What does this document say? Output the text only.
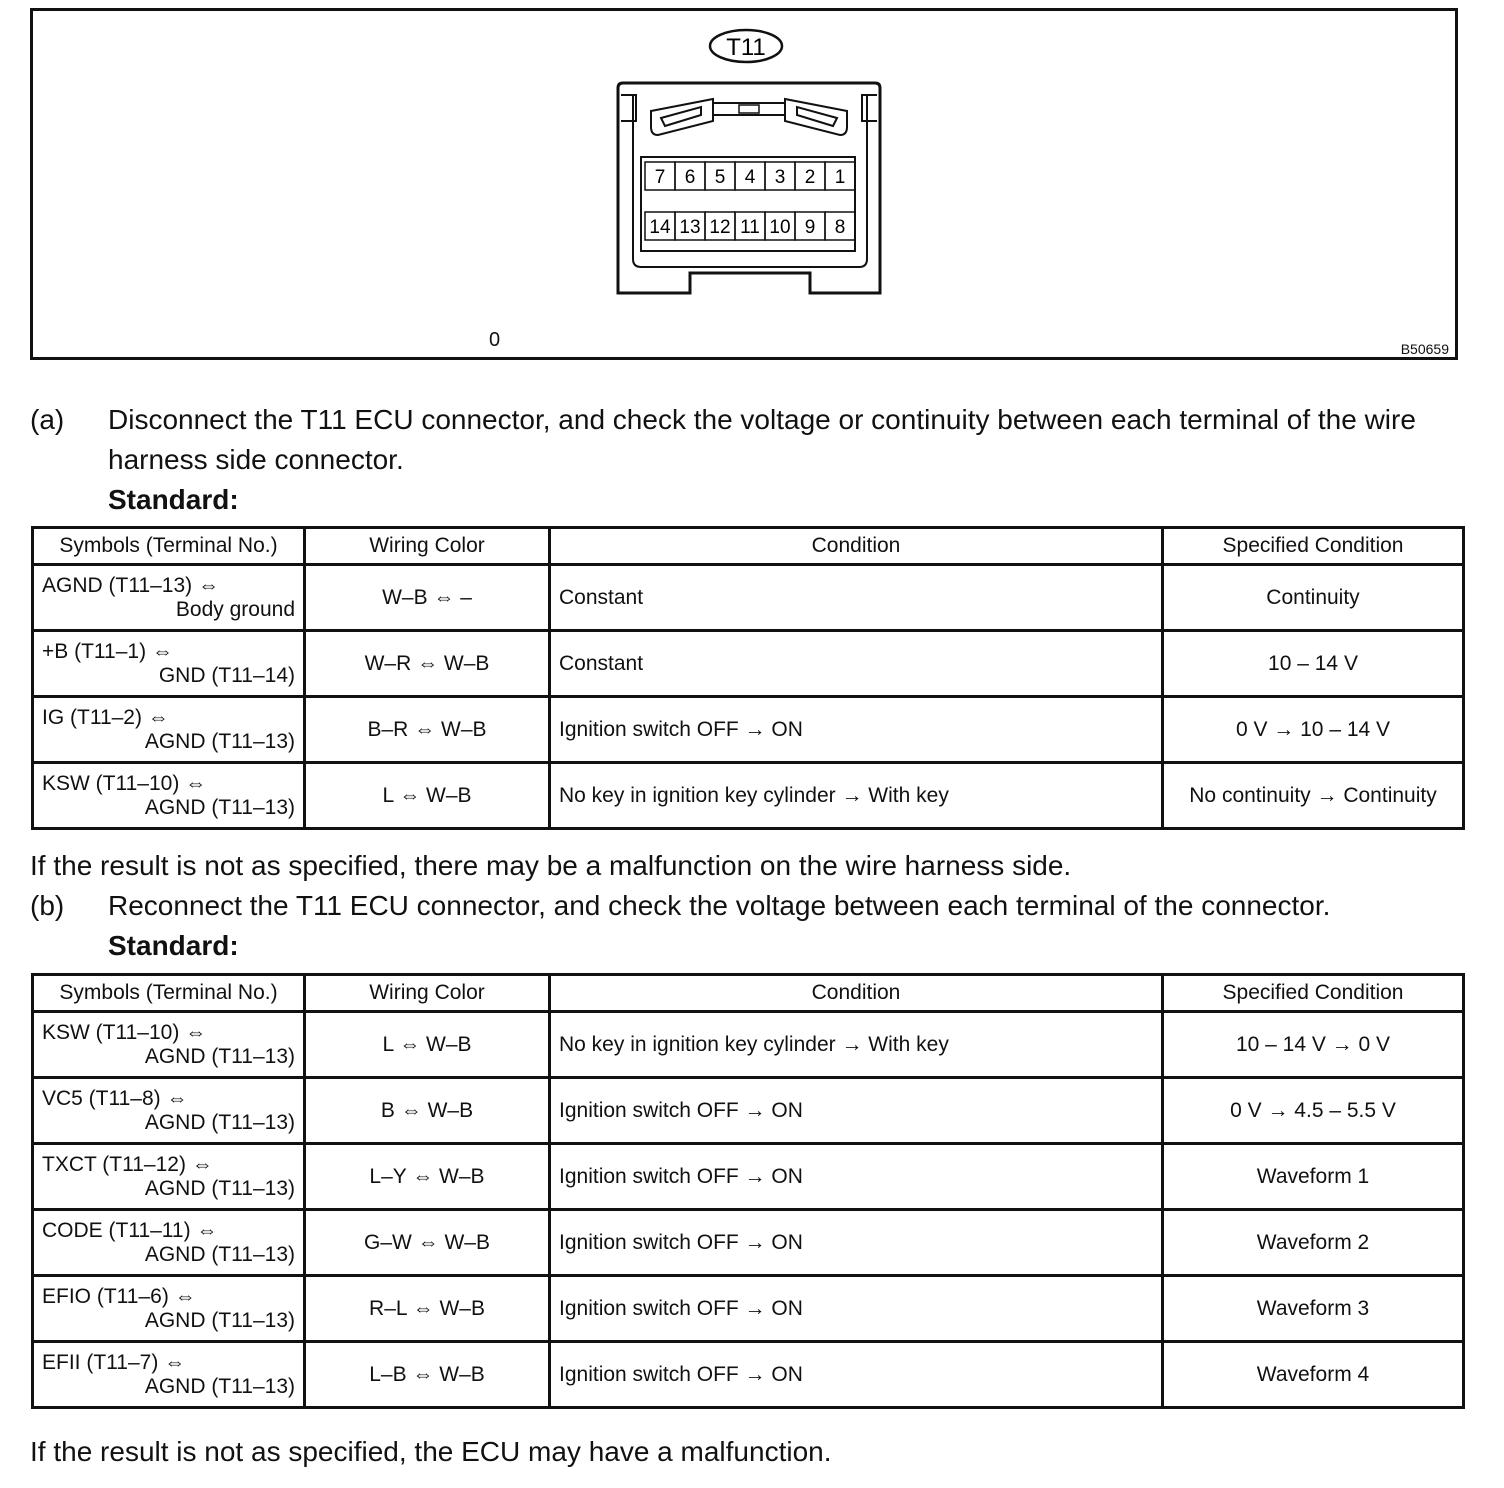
T11
7 6 5 4 3 2 1
14 13 12 11 10 9 8
0	B50659
(a)	Disconnect the T11 ECU connector, and check the voltage or continuity between each terminal of the wire harness side connector.
Standard:
Symbols (Terminal No.)	Wiring Color	Condition	Specified Condition

AGND (T11–13) ⇔
Body ground	W–B ⇔ –	Constant	Continuity

+B (T11–1) ⇔
GND (T11–14)	W–R ⇔ W–B	Constant	10 – 14 V

IG (T11–2) ⇔
AGND (T11–13)	B–R ⇔ W–B	Ignition switch OFF → ON	0 V → 10 – 14 V

KSW (T11–10) ⇔
AGND (T11–13)	L ⇔ W–B	No key in ignition key cylinder → With key	No continuity → Continuity
If the result is not as specified, there may be a malfunction on the wire harness side.
(b)	Reconnect the T11 ECU connector, and check the voltage between each terminal of the connector.
Standard:
Symbols (Terminal No.)	Wiring Color	Condition	Specified Condition

KSW (T11–10) ⇔
AGND (T11–13)	L ⇔ W–B	No key in ignition key cylinder → With key	10 – 14 V → 0 V

VC5 (T11–8) ⇔
AGND (T11–13)	B ⇔ W–B	Ignition switch OFF → ON	0 V → 4.5 – 5.5 V

TXCT (T11–12) ⇔
AGND (T11–13)	L–Y ⇔ W–B	Ignition switch OFF → ON	Waveform 1

CODE (T11–11) ⇔
AGND (T11–13)	G–W ⇔ W–B	Ignition switch OFF → ON	Waveform 2

EFIO (T11–6) ⇔
AGND (T11–13)	R–L ⇔ W–B	Ignition switch OFF → ON	Waveform 3

EFII (T11–7) ⇔
AGND (T11–13)	L–B ⇔ W–B	Ignition switch OFF → ON	Waveform 4
If the result is not as specified, the ECU may have a malfunction.
